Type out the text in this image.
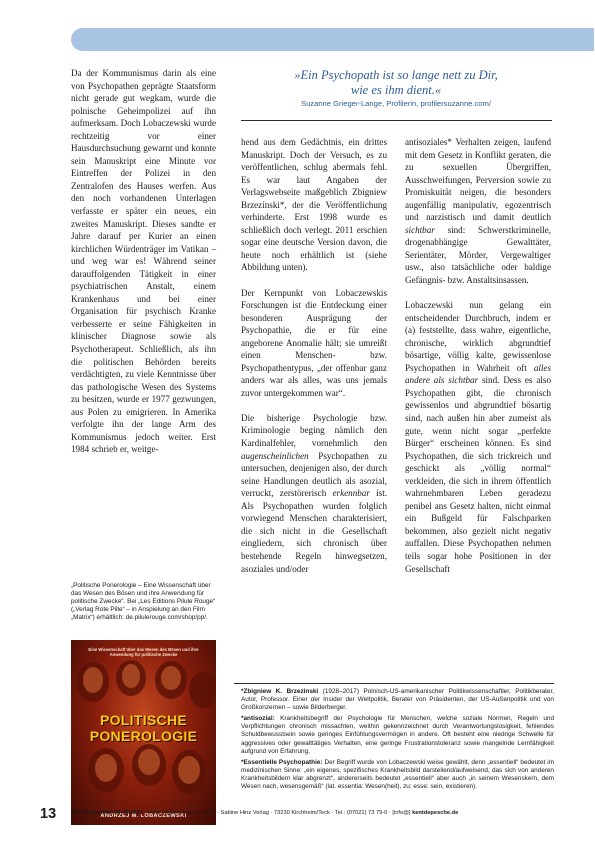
Da der Kommunismus darin als eine von Psychopathen geprägte Staatsform nicht gerade gut wegkam, wurde die polnische Geheimpolizei auf ihn aufmerksam. Doch Lobaczewski wurde rechtzeitig vor einer Hausdurchsuchung gewarnt und konnte sein Manuskript eine Minute vor Eintreffen der Polizei in den Zentralofen des Hauses werfen. Aus den noch vorhandenen Unterlagen verfasste er später ein neues, ein zweites Manuskript. Dieses sandte er Jahre darauf per Kurier an einen kirchlichen Würdenträger im Vatikan – und weg war es! Während seiner darauffolgenden Tätigkeit in einer psychiatrischen Anstalt, einem Krankenhaus und bei einer Organisation für psychisch Kranke verbesserte er seine Fähigkeiten in klinischer Diagnose sowie als Psychotherapeut. Schließlich, als ihn die politischen Behörden bereits verdächtigten, zu viele Kenntnisse über das pathologische Wesen des Systems zu besitzen, wurde er 1977 gezwungen, aus Polen zu emigrieren. In Amerika verfolgte ihn der lange Arm des Kommunismus jedoch weiter. Erst 1984 schrieb er, weitge-

»Ein Psychopath ist so lange nett zu Dir,
wie es ihm dient.«
Suzanne Grieger-Lange, Profilerin, profilersuzanne.com/

hend aus dem Gedächtnis, ein drittes Manuskript. Doch der Versuch, es zu veröffentlichen, schlug abermals fehl. Es war laut Angaben der Verlagswebseite maßgeblich Zbigniew Brzezinski*, der die Veröffentlichung verhinderte. Erst 1998 wurde es schließlich doch verlegt. 2011 erschien sogar eine deutsche Version davon, die heute noch erhältlich ist (siehe Abbildung unten).

Der Kernpunkt von Lobaczewskis Forschungen ist die Entdeckung einer besonderen Ausprägung der Psychopathie, die er für eine angeborene Anomalie hält; sie umreißt einen Menschen- bzw. Psychopathentypus, „der offenbar ganz anders war als alles, was uns jemals zuvor untergekommen war“.

Die bisherige Psychologie bzw. Kriminologie beging nämlich den Kardinalfehler, vornehmlich den augenscheinlichen Psychopathen zu untersuchen, denjenigen also, der durch seine Handlungen deutlich als asozial, verruckt, zerstörerisch erkennbar ist. Als Psychopathen wurden folglich vorwiegend Menschen charakterisiert, die sich nicht in die Gesellschaft eingliedern, sich chronisch über bestehende Regeln hinwegsetzen, asoziales und/oder

antisoziales* Verhalten zeigen, laufend mit dem Gesetz in Konflikt geraten, die zu sexuellen Übergriffen, Ausschweifungen, Perversion sowie zu Promiskuität neigen, die besonders augenfällig manipulativ, egozentrisch und narzistisch und damit deutlich sichtbar sind: Schwerstkriminelle, drogenabhängige Gewalttäter, Serientäter, Mörder, Vergewaltiger usw., also tatsächliche oder baldige Gefängnis- bzw. Anstaltsinsassen.

Lobaczewski nun gelang ein entscheidender Durchbruch, indem er (a) feststellte, dass wahre, eigentliche, chronische, wirklich abgrundtief bösartige, völlig kalte, gewissenlose Psychopathen in Wahrheit oft alles andere als sichtbar sind. Dess es also Psychopathen gibt, die chronisch gewissenlos und abgrundtief bösartig sind, nach außen hin aber zumeist als gute, wenn nicht sogar „perfekte Bürger“ erscheinen können. Es sind Psychopathen, die sich trickreich und geschickt als „völlig normal“ verkleiden, die sich in ihrem öffentlich wahrnehmbaren Leben geradezu penibel ans Gesetz halten, nicht einmal ein Bußgeld für Falschparken bekommen, also gezielt nicht negativ auffallen. Diese Psychopathen nehmen teils sogar hohe Positionen in der Gesellschaft

„Politische Ponerologie – Eine Wissenschaft über das Wesen des Bösen und ihre Anwendung für politische Zwecke“. Bei „Les Editions Pilule Rouge“ („Verlag Rote Pille“ – in Anspielung an den Film „Matrix“) erhältlich: de.pilulerouge.com/shop/pp/.
Eine Wissenschaft über das Wesen des Bösen und ihre Anwendung für politische Zwecke
POLITISCHE
PONEROLOGIE
ANDRZEJ M. LOBACZEWSKI

*Zbigniew K. Brzezinski (1928–2017) Polnisch-US-amerikanischer Politikwissenschaftler, Politikberater, Autor, Professor. Einer der Insider der Weltpolitik, Berater von Präsidenten, der US-Außenpolitik und von Großkonzernen – sowie Bilderberger.

*antisozial: Krankheitsbegriff der Psychologie für Menschen, welche soziale Normen, Regeln und Verpflichtungen chronisch missachten, weithin gekennzeichnet durch Verantwortungslosigkeit, fehlendes Schuldbewusstsein sowie geringes Einfühlungsvermögen in andere. Oft besteht eine niedrige Schwelle für aggressives oder gewalttätiges Verhalten, eine geringe Frustrationstoleranz sowie mangelnde Lernfähigkeit aufgrund von Erfahrung.

*Essentielle Psychopathie: Der Begriff wurde von Lobaczewski weise gewählt, denn „essentiell“ bedeutet im medizinischen Sinne: „ein eigenes, spezifisches Krankheitsbild darstellend/aufweisend, das sich von anderen Krankheitsbildern klar abgrenzt“, andererseits bedeutet „essentiell“ aber auch „in seinem Wesenskern, dem Wesen nach, wesensgemäß“ (lat. essentia: Wesen(heit), zu: esse: sein, existieren).

13	Kent-Depesche 04-06/2021 · mehr wissen, besser leben · Sabine Hinz Verlag · 73230 Kirchheim/Teck · Tel.: (07021) 73 79-0 · [info@] kentdepesche.de
